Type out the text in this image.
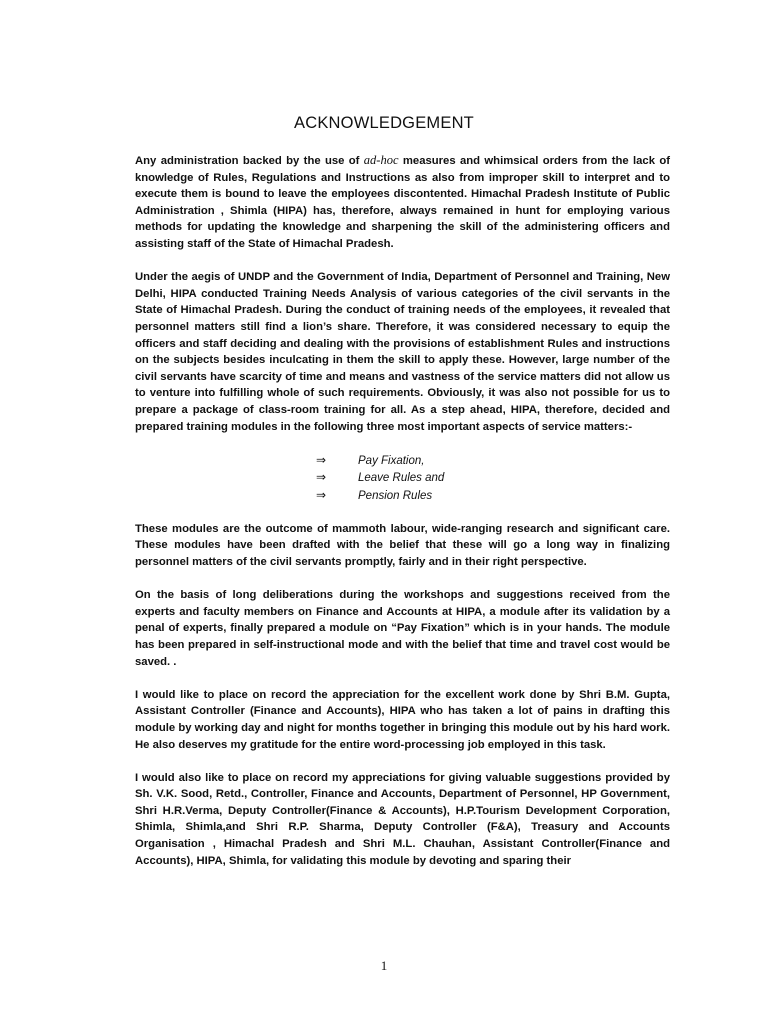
ACKNOWLEDGEMENT

Any administration backed by the use of ad-hoc measures and whimsical orders from the lack of knowledge of Rules, Regulations and Instructions as also from improper skill to interpret and to execute them is bound to leave the employees discontented. Himachal Pradesh Institute of Public Administration , Shimla (HIPA) has, therefore, always remained in hunt for employing various methods for updating the knowledge and sharpening the skill of the administering officers and assisting staff of the State of Himachal Pradesh.

Under the aegis of UNDP and the Government of India, Department of Personnel and Training, New Delhi, HIPA conducted Training Needs Analysis of various categories of the civil servants in the State of Himachal Pradesh. During the conduct of training needs of the employees, it revealed that personnel matters still find a lion’s share. Therefore, it was considered necessary to equip the officers and staff deciding and dealing with the provisions of establishment Rules and instructions on the subjects besides inculcating in them the skill to apply these. However, large number of the civil servants have scarcity of time and means and vastness of the service matters did not allow us to venture into fulfilling whole of such requirements. Obviously, it was also not possible for us to prepare a package of class-room training for all. As a step ahead, HIPA, therefore, decided and prepared training modules in the following three most important aspects of service matters:-

⇒	Pay Fixation,
⇒	Leave Rules and
⇒	Pension Rules

These modules are the outcome of mammoth labour, wide-ranging research and significant care. These modules have been drafted with the belief that these will go a long way in finalizing personnel matters of the civil servants promptly, fairly and in their right perspective.

On the basis of long deliberations during the workshops and suggestions received from the experts and faculty members on Finance and Accounts at HIPA, a module after its validation by a penal of experts, finally prepared a module on “Pay Fixation” which is in your hands. The module has been prepared in self-instructional mode and with the belief that time and travel cost would be saved. .

I would like to place on record the appreciation for the excellent work done by Shri B.M. Gupta, Assistant Controller (Finance and Accounts), HIPA who has taken a lot of pains in drafting this module by working day and night for months together in bringing this module out by his hard work. He also deserves my gratitude for the entire word-processing job employed in this task.

I would also like to place on record my appreciations for giving valuable suggestions provided by Sh. V.K. Sood, Retd., Controller, Finance and Accounts, Department of Personnel, HP Government, Shri H.R.Verma, Deputy Controller(Finance & Accounts), H.P.Tourism Development Corporation, Shimla, Shimla,and Shri R.P. Sharma, Deputy Controller (F&A), Treasury and Accounts Organisation , Himachal Pradesh and Shri M.L. Chauhan, Assistant Controller(Finance and Accounts), HIPA, Shimla, for validating this module by devoting and sparing their

1
